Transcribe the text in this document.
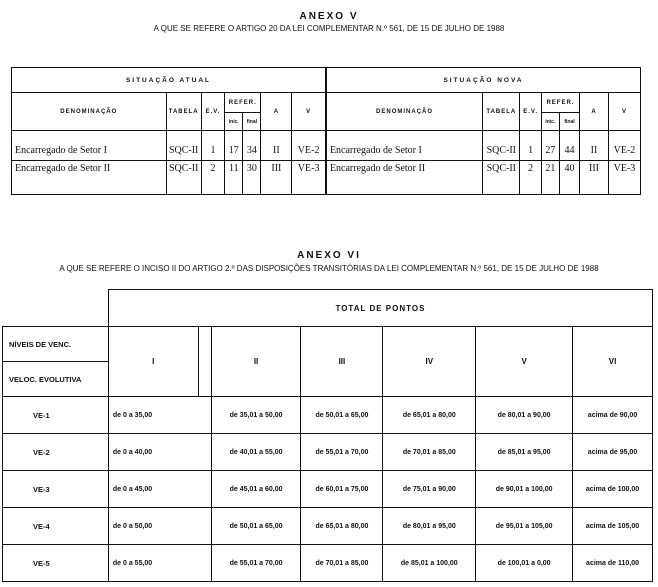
ANEXO V
A QUE SE REFERE O ARTIGO 20 DA LEI COMPLEMENTAR N.º 561, DE 15 DE JULHO DE 1988
SITUAÇÃO ATUAL							SITUAÇÃO NOVA						
DENOMINAÇÃO	TABELA	E.V.	REFER.		A	V	DENOMINAÇÃO	TABELA	E.V.	REFER.		A	V
			inic.	final						inic.	final		
Encarregado de Setor I	SQC-II	1	17	34	II	VE-2	Encarregado de Setor I	SQC-II	1	27	44	II	VE-2
Encarregado de Setor II	SQC-II	2	11	30	III	VE-3	Encarregado de Setor II	SQC-II	2	21	40	III	VE-3
ANEXO VI
A QUE SE REFERE O INCISO II DO ARTIGO 2.º DAS DISPOSIÇÕES TRANSITÓRIAS DA LEI COMPLEMENTAR N.º 561, DE 15 DE JULHO DE 1988
	TOTAL DE PONTOS						
NÍVEIS DE VENC.	I		II	III	IV	V	VI
VELOC. EVOLUTIVA							
VE-1	de 0 a 35,00		de 35,01 a 50,00	de 50,01 a 65,00	de 65,01 a 80,00	de 80,01 a 90,00	acima de 90,00
VE-2	de 0 a 40,00		de 40,01 a 55,00	de 55,01 a 70,00	de 70,01 a 85,00	de 85,01 a 95,00	acima de 95,00
VE-3	de 0 a 45,00		de 45,01 a 60,00	de 60,01 a 75,00	de 75,01 a 90,00	de 90,01 a 100,00	acima de 100,00
VE-4	de 0 a 50,00		de 50,01 a 65,00	de 65,01 a 80,00	de 80,01 a 95,00	de 95,01 a 105,00	acima de 105,00
VE-5	de 0 a 55,00		de 55,01 a 70,00	de 70,01 a 85,00	de 85,01 a 100,00	de 100,01 a 0,00	acima de 110,00
